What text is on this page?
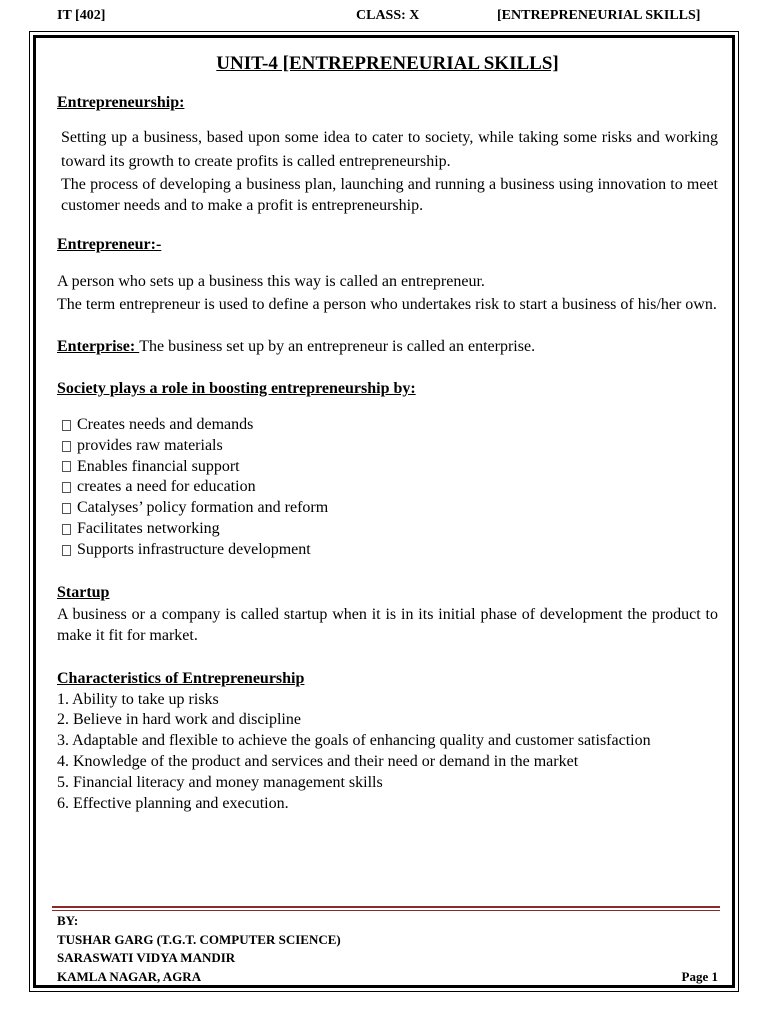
IT [402]	CLASS: X	[ENTREPRENEURIAL SKILLS]
UNIT-4 [ENTREPRENEURIAL SKILLS]

Entrepreneurship:

Setting up a business, based upon some idea to cater to society, while taking some risks and working toward its growth to create profits is called entrepreneurship.

The process of developing a business plan, launching and running a business using innovation to meet customer needs and to make a profit is entrepreneurship.

Entrepreneur:-

A person who sets up a business this way is called an entrepreneur.

The term entrepreneur is used to define a person who undertakes risk to start a business of his/her own.

Enterprise: The business set up by an entrepreneur is called an enterprise.

Society plays a role in boosting entrepreneurship by:

Creates needs and demands
provides raw materials
Enables financial support
creates a need for education
Catalyses’ policy formation and reform
Facilitates networking
Supports infrastructure development

Startup

A business or a company is called startup when it is in its initial phase of development the product to make it fit for market.

Characteristics of Entrepreneurship

1. Ability to take up risks
2. Believe in hard work and discipline
3. Adaptable and flexible to achieve the goals of enhancing quality and customer satisfaction
4. Knowledge of the product and services and their need or demand in the market
5. Financial literacy and money management skills
6. Effective planning and execution.
BY:
TUSHAR GARG (T.G.T. COMPUTER SCIENCE)
SARASWATI VIDYA MANDIR
KAMLA NAGAR, AGRA	Page 1
